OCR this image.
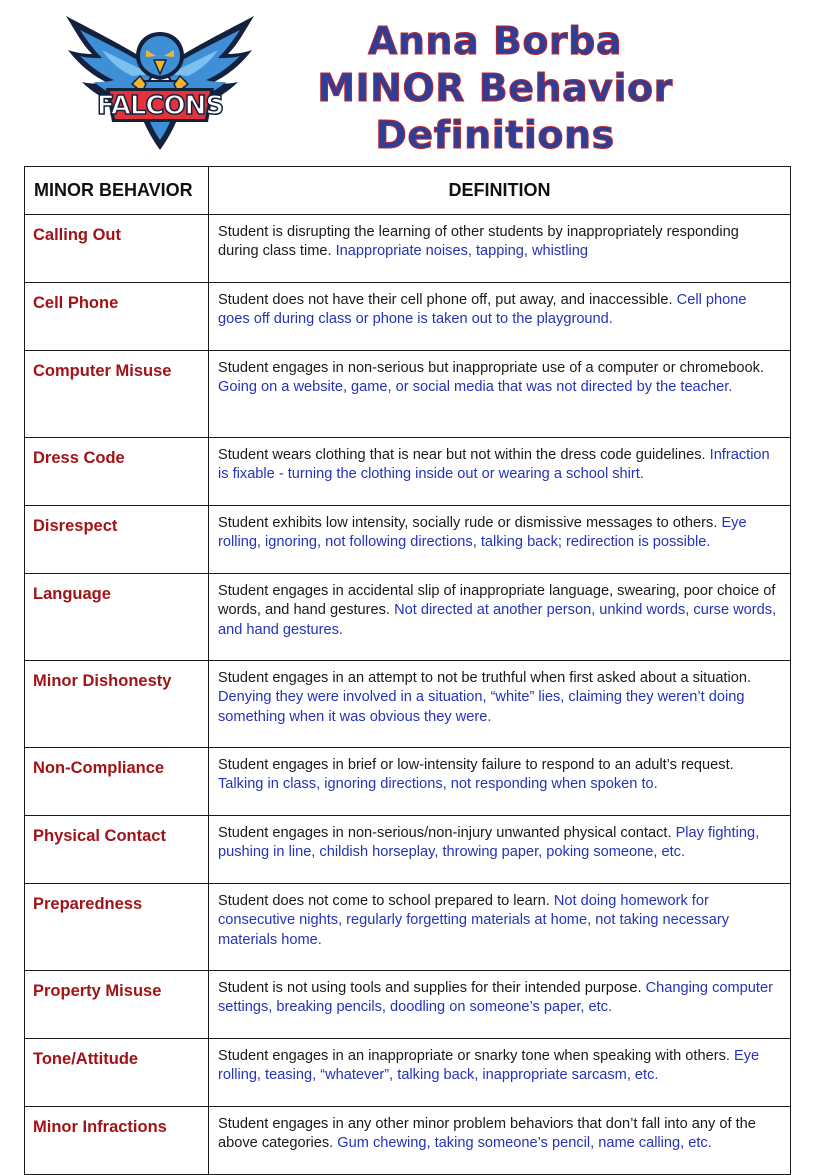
FALCONS
Anna Borba
MINOR Behavior
Definitions
MINOR BEHAVIOR	DEFINITION
Calling Out	Student is disrupting the learning of other students by inappropriately responding during class time. Inappropriate noises, tapping, whistling
Cell Phone	Student does not have their cell phone off, put away, and inaccessible. Cell phone goes off during class or phone is taken out to the playground.
Computer Misuse	Student engages in non-serious but inappropriate use of a computer or chromebook. Going on a website, game, or social media that was not directed by the teacher.
Dress Code	Student wears clothing that is near but not within the dress code guidelines. Infraction is fixable - turning the clothing inside out or wearing a school shirt.
Disrespect	Student exhibits low intensity, socially rude or dismissive messages to others. Eye rolling, ignoring, not following directions, talking back; redirection is possible.
Language	Student engages in accidental slip of inappropriate language, swearing, poor choice of words, and hand gestures. Not directed at another person, unkind words, curse words, and hand gestures.
Minor Dishonesty	Student engages in an attempt to not be truthful when first asked about a situation. Denying they were involved in a situation, “white” lies, claiming they weren’t doing something when it was obvious they were.
Non-Compliance	Student engages in brief or low-intensity failure to respond to an adult’s request. Talking in class, ignoring directions, not responding when spoken to.
Physical Contact	Student engages in non-serious/non-injury unwanted physical contact. Play fighting, pushing in line, childish horseplay, throwing paper, poking someone, etc.
Preparedness	Student does not come to school prepared to learn. Not doing homework for consecutive nights, regularly forgetting materials at home, not taking necessary materials home.
Property Misuse	Student is not using tools and supplies for their intended purpose. Changing computer settings, breaking pencils, doodling on someone’s paper, etc.
Tone/Attitude	Student engages in an inappropriate or snarky tone when speaking with others. Eye rolling, teasing, “whatever”, talking back, inappropriate sarcasm, etc.
Minor Infractions	Student engages in any other minor problem behaviors that don’t fall into any of the above categories. Gum chewing, taking someone’s pencil, name calling, etc.
